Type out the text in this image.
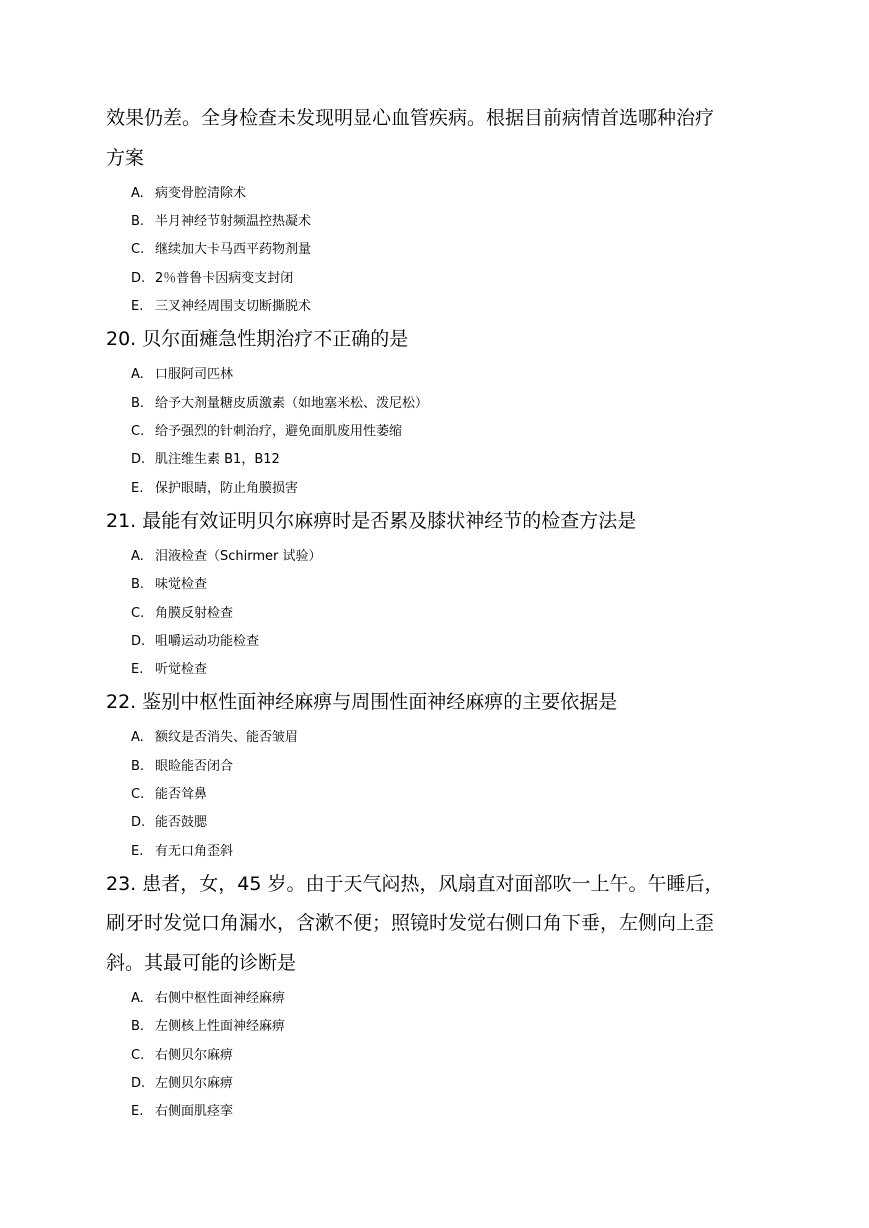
效果仍差。全身检查未发现明显心血管疾病。根据目前病情首选哪种治疗
方案
A. 病变骨腔清除术
B. 半月神经节射频温控热凝术
C. 继续加大卡马西平药物剂量
D. 2％普鲁卡因病变支封闭
E. 三叉神经周围支切断撕脱术
20. 贝尔面瘫急性期治疗不正确的是
A. 口服阿司匹林
B. 给予大剂量糖皮质激素（如地塞米松、泼尼松）
C. 给予强烈的针刺治疗，避免面肌废用性萎缩
D. 肌注维生素 B1，B12
E. 保护眼睛，防止角膜损害
21. 最能有效证明贝尔麻痹时是否累及膝状神经节的检查方法是
A. 泪液检查（Schirmer 试验）
B. 味觉检查
C. 角膜反射检查
D. 咀嚼运动功能检查
E. 听觉检查
22. 鉴别中枢性面神经麻痹与周围性面神经麻痹的主要依据是
A. 额纹是否消失、能否皱眉
B. 眼睑能否闭合
C. 能否耸鼻
D. 能否鼓腮
E. 有无口角歪斜
23. 患者，女，45 岁。由于天气闷热，风扇直对面部吹一上午。午睡后，
刷牙时发觉口角漏水，含漱不便；照镜时发觉右侧口角下垂，左侧向上歪
斜。其最可能的诊断是
A. 右侧中枢性面神经麻痹
B. 左侧核上性面神经麻痹
C. 右侧贝尔麻痹
D. 左侧贝尔麻痹
E. 右侧面肌痉挛
